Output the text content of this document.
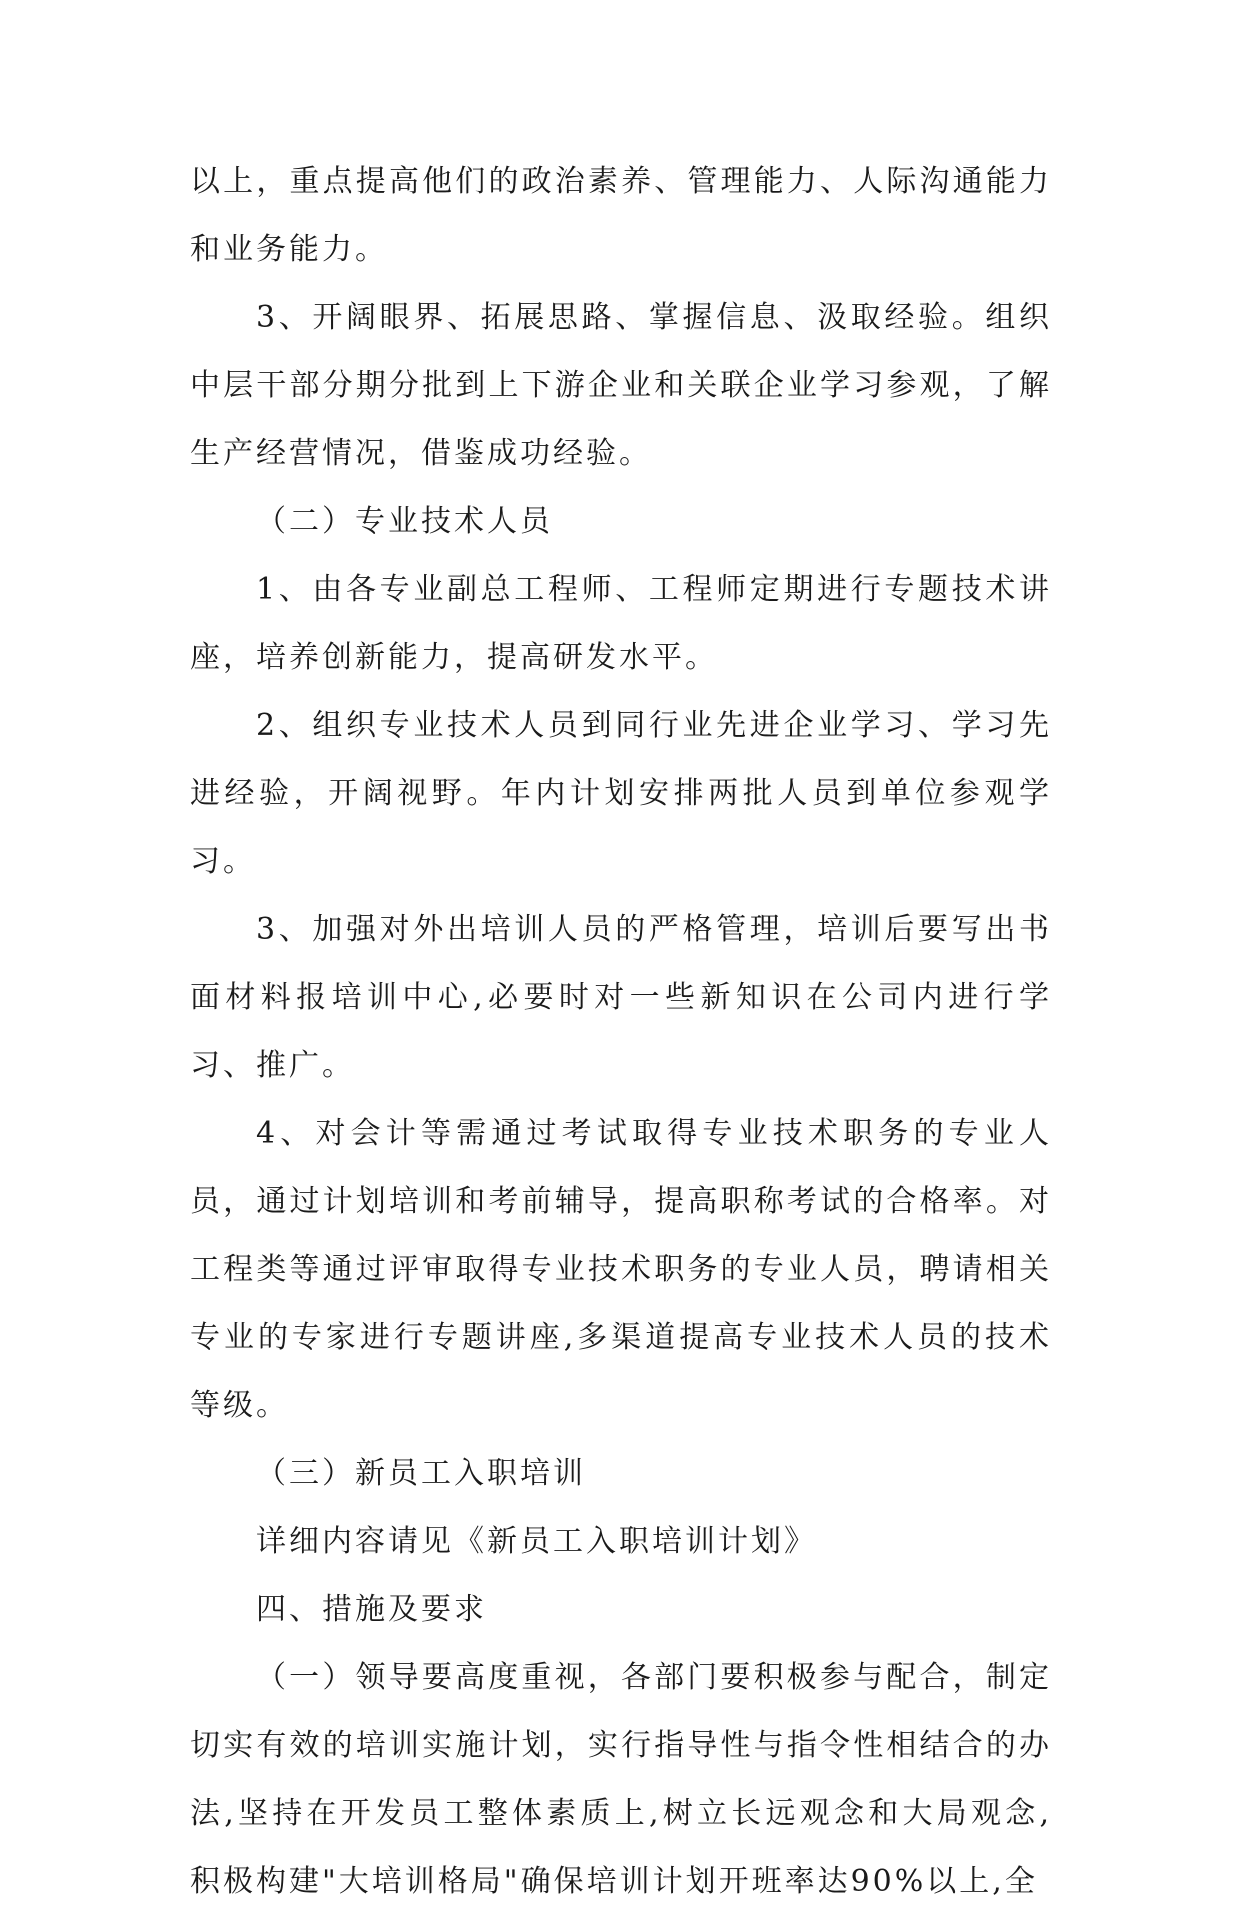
以上，重点提高他们的政治素养、管理能力、人际沟通能力和业务能力。

3、开阔眼界、拓展思路、掌握信息、汲取经验。组织中层干部分期分批到上下游企业和关联企业学习参观，了解生产经营情况，借鉴成功经验。

（二）专业技术人员

1、由各专业副总工程师、工程师定期进行专题技术讲座，培养创新能力，提高研发水平。

2、组织专业技术人员到同行业先进企业学习、学习先进经验，开阔视野。年内计划安排两批人员到单位参观学习。

3、加强对外出培训人员的严格管理，培训后要写出书面材料报培训中心,必要时对一些新知识在公司内进行学习、推广。

4、对会计等需通过考试取得专业技术职务的专业人员，通过计划培训和考前辅导，提高职称考试的合格率。对工程类等通过评审取得专业技术职务的专业人员，聘请相关专业的专家进行专题讲座,多渠道提高专业技术人员的技术等级。

（三）新员工入职培训

详细内容请见《新员工入职培训计划》

四、措施及要求

（一）领导要高度重视，各部门要积极参与配合，制定切实有效的培训实施计划，实行指导性与指令性相结合的办法,坚持在开发员工整体素质上,树立长远观念和大局观念,积极构建"大培训格局"确保培训计划开班率达90%以上,全
